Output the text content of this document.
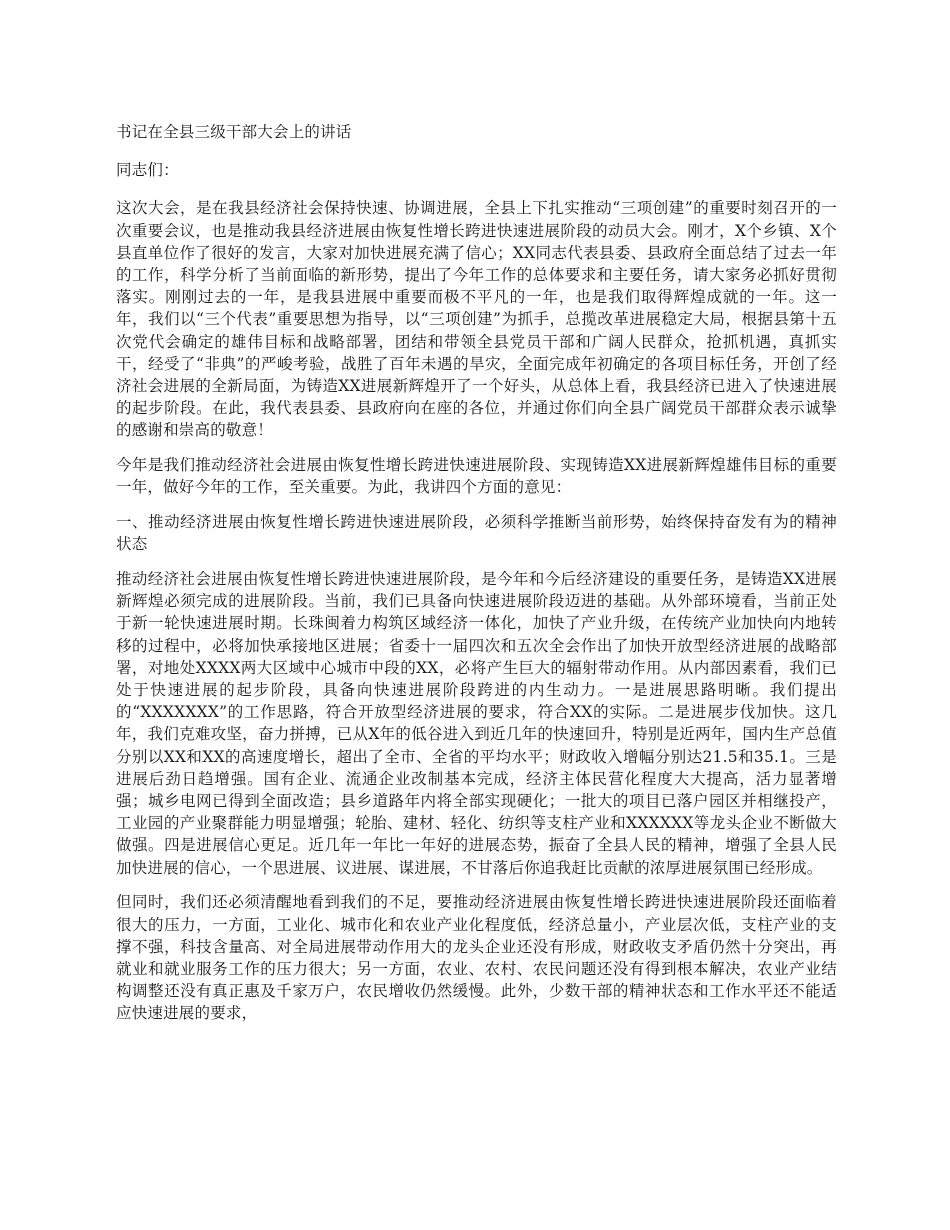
书记在全县三级干部大会上的讲话

同志们：

这次大会，是在我县经济社会保持快速、协调进展，全县上下扎实推动“三项创建”的重要时刻召开的一次重要会议，也是推动我县经济进展由恢复性增长跨进快速进展阶段的动员大会。刚才，X个乡镇、X个县直单位作了很好的发言，大家对加快进展充满了信心；XX同志代表县委、县政府全面总结了过去一年的工作，科学分析了当前面临的新形势，提出了今年工作的总体要求和主要任务，请大家务必抓好贯彻落实。刚刚过去的一年，是我县进展中重要而极不平凡的一年，也是我们取得辉煌成就的一年。这一年，我们以“三个代表”重要思想为指导，以“三项创建”为抓手，总揽改革进展稳定大局，根据县第十五次党代会确定的雄伟目标和战略部署，团结和带领全县党员干部和广阔人民群众，抢抓机遇，真抓实干，经受了“非典”的严峻考验，战胜了百年未遇的旱灾，全面完成年初确定的各项目标任务，开创了经济社会进展的全新局面，为铸造XX进展新辉煌开了一个好头，从总体上看，我县经济已进入了快速进展的起步阶段。在此，我代表县委、县政府向在座的各位，并通过你们向全县广阔党员干部群众表示诚挚的感谢和崇高的敬意！

今年是我们推动经济社会进展由恢复性增长跨进快速进展阶段、实现铸造XX进展新辉煌雄伟目标的重要一年，做好今年的工作，至关重要。为此，我讲四个方面的意见：

一、推动经济进展由恢复性增长跨进快速进展阶段，必须科学推断当前形势，始终保持奋发有为的精神状态

推动经济社会进展由恢复性增长跨进快速进展阶段，是今年和今后经济建设的重要任务，是铸造XX进展新辉煌必须完成的进展阶段。当前，我们已具备向快速进展阶段迈进的基础。从外部环境看，当前正处于新一轮快速进展时期。长珠闽着力构筑区域经济一体化，加快了产业升级，在传统产业加快向内地转移的过程中，必将加快承接地区进展；省委十一届四次和五次全会作出了加快开放型经济进展的战略部署，对地处XXXX两大区域中心城市中段的XX，必将产生巨大的辐射带动作用。从内部因素看，我们已处于快速进展的起步阶段，具备向快速进展阶段跨进的内生动力。一是进展思路明晰。我们提出的“XXXXXXX”的工作思路，符合开放型经济进展的要求，符合XX的实际。二是进展步伐加快。这几年，我们克难攻坚，奋力拼搏，已从X年的低谷进入到近几年的快速回升，特别是近两年，国内生产总值分别以XX和XX的高速度增长，超出了全市、全省的平均水平；财政收入增幅分别达21.5和35.1。三是进展后劲日趋增强。国有企业、流通企业改制基本完成，经济主体民营化程度大大提高，活力显著增强；城乡电网已得到全面改造；县乡道路年内将全部实现硬化；一批大的项目已落户园区并相继投产，工业园的产业聚群能力明显增强；轮胎、建材、轻化、纺织等支柱产业和XXXXXX等龙头企业不断做大做强。四是进展信心更足。近几年一年比一年好的进展态势，振奋了全县人民的精神，增强了全县人民加快进展的信心，一个思进展、议进展、谋进展，不甘落后你追我赶比贡献的浓厚进展氛围已经形成。

但同时，我们还必须清醒地看到我们的不足，要推动经济进展由恢复性增长跨进快速进展阶段还面临着很大的压力，一方面，工业化、城市化和农业产业化程度低，经济总量小，产业层次低，支柱产业的支撑不强，科技含量高、对全局进展带动作用大的龙头企业还没有形成，财政收支矛盾仍然十分突出，再就业和就业服务工作的压力很大；另一方面，农业、农村、农民问题还没有得到根本解决，农业产业结构调整还没有真正惠及千家万户，农民增收仍然缓慢。此外，少数干部的精神状态和工作水平还不能适应快速进展的要求，
